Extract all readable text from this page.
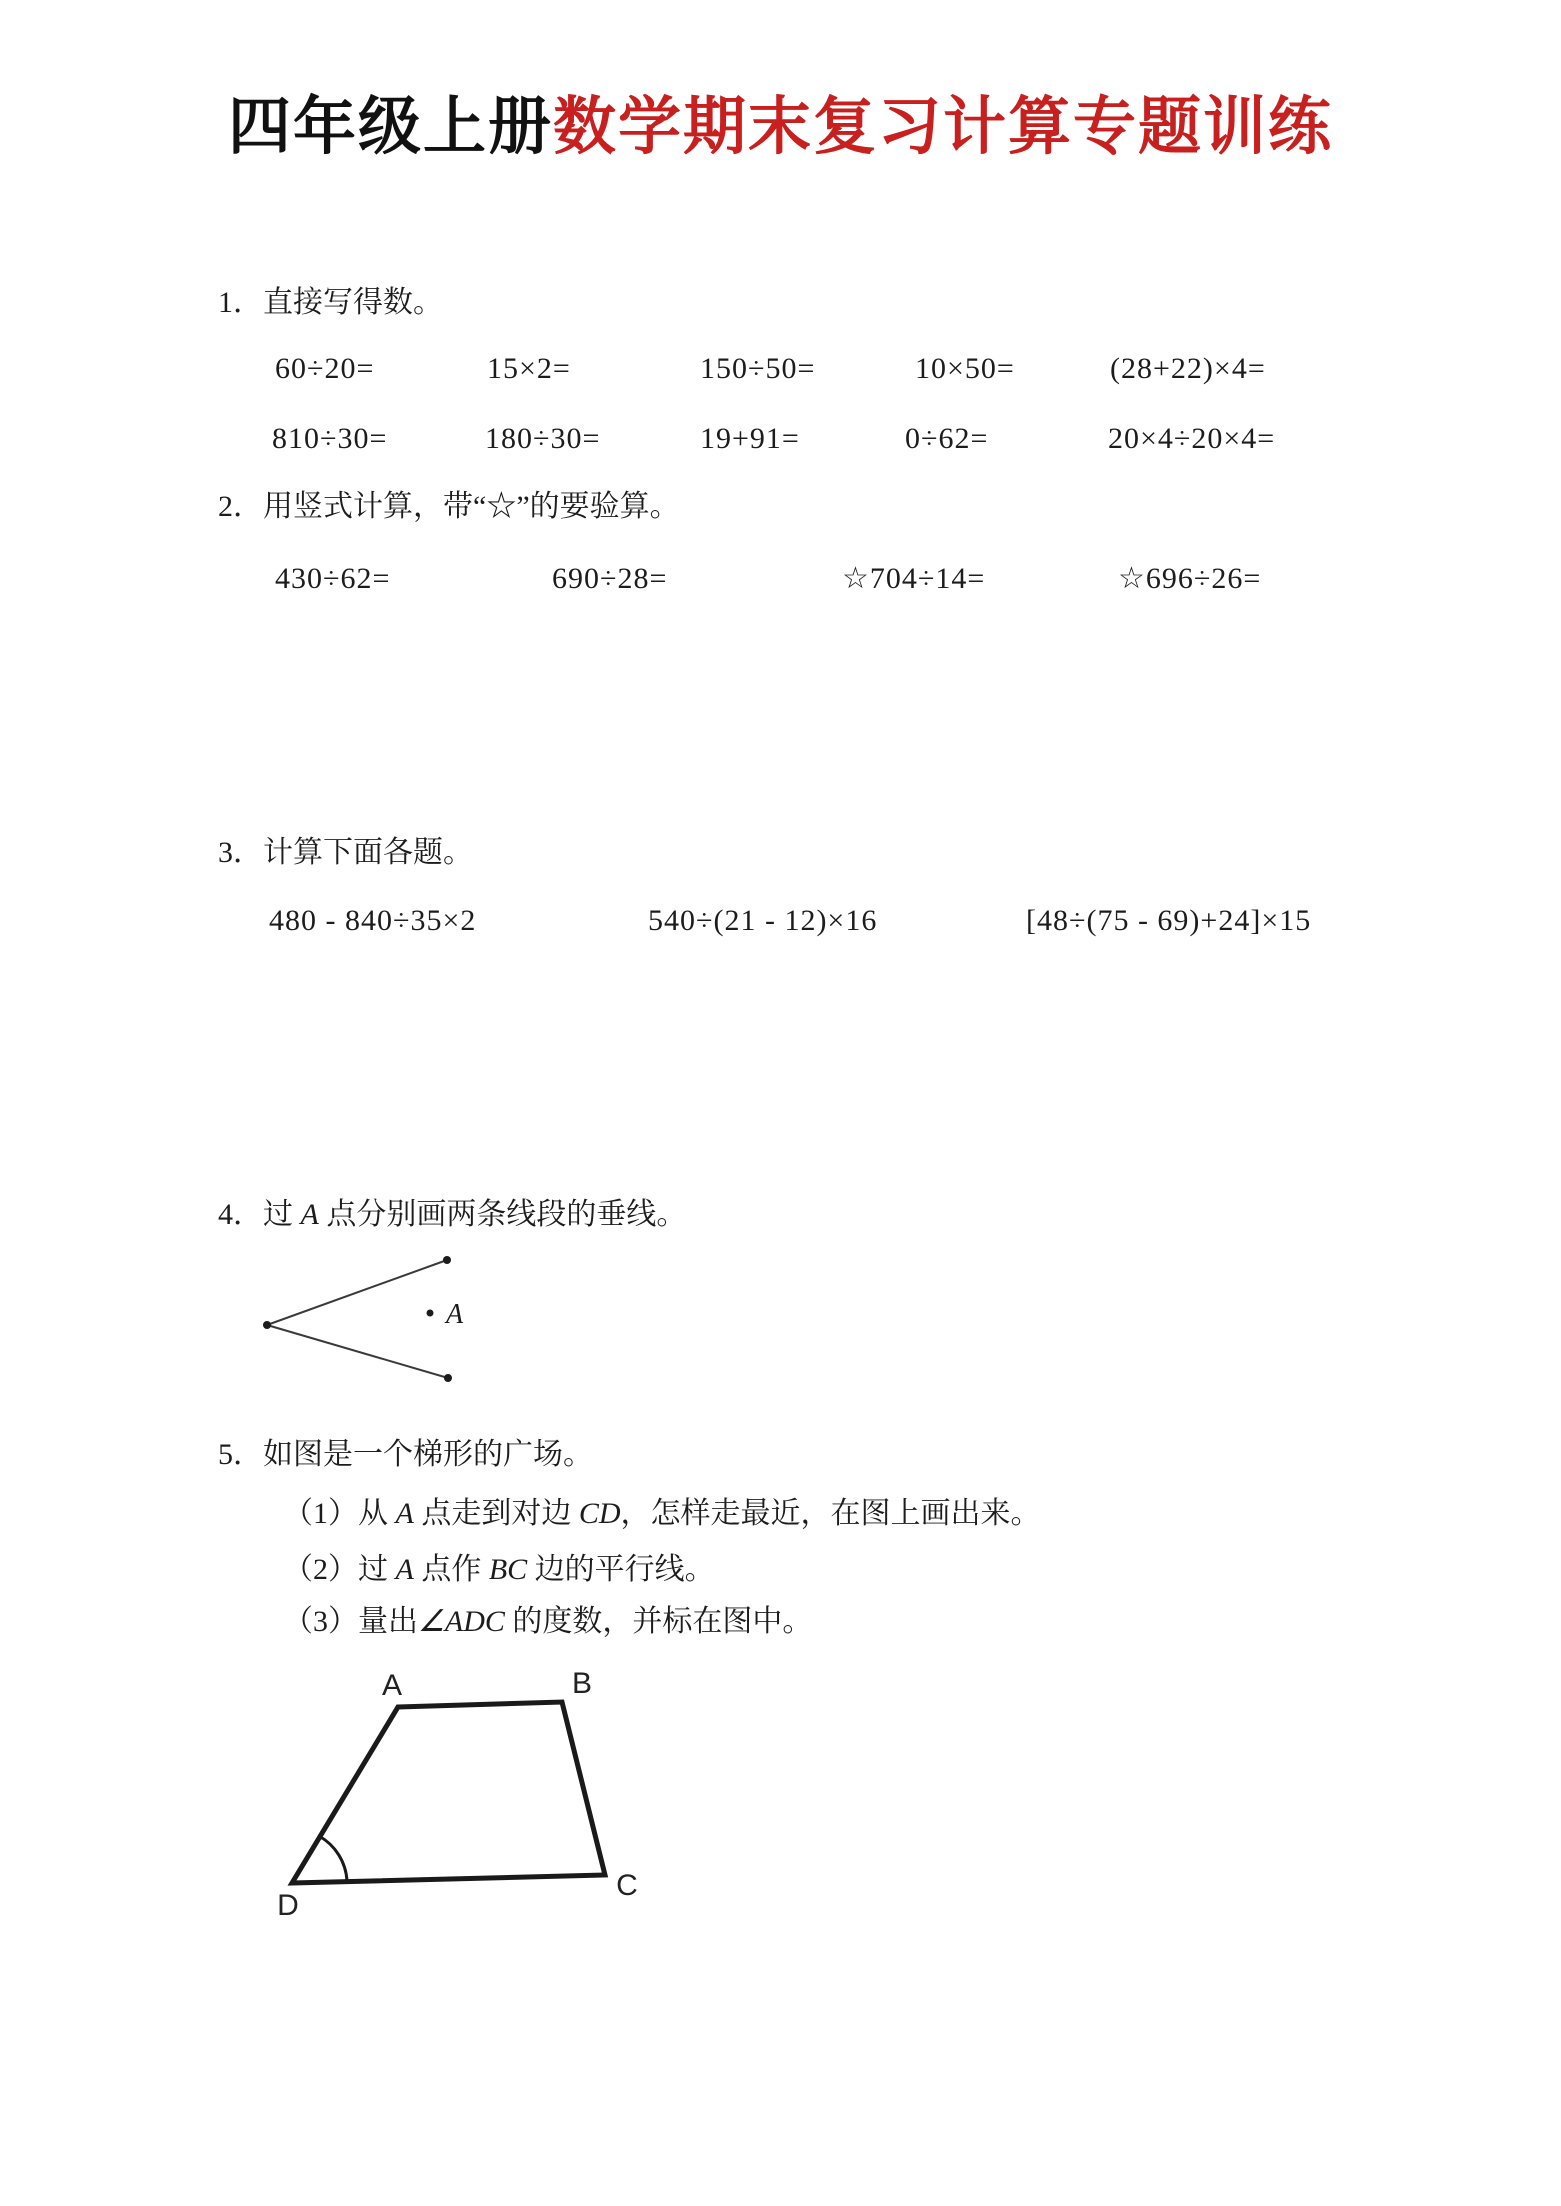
四年级上册数学期末复习计算专题训练
1．直接写得数。
60÷20=	15×2=	150÷50=	10×50=	(28+22)×4=
810÷30=	180÷30=	19+91=	0÷62=	20×4÷20×4=
2．用竖式计算，带“☆”的要验算。
430÷62=	690÷28=	☆704÷14=	☆696÷26=
3．计算下面各题。
480 - 840÷35×2	540÷(21 - 12)×16	[48÷(75 - 69)+24]×15
4．过 A 点分别画两条线段的垂线。
A
5．如图是一个梯形的广场。
（1）从 A 点走到对边 CD，怎样走最近，在图上画出来。
（2）过 A 点作 BC 边的平行线。
（3）量出∠ADC 的度数，并标在图中。
A	B
C
D
